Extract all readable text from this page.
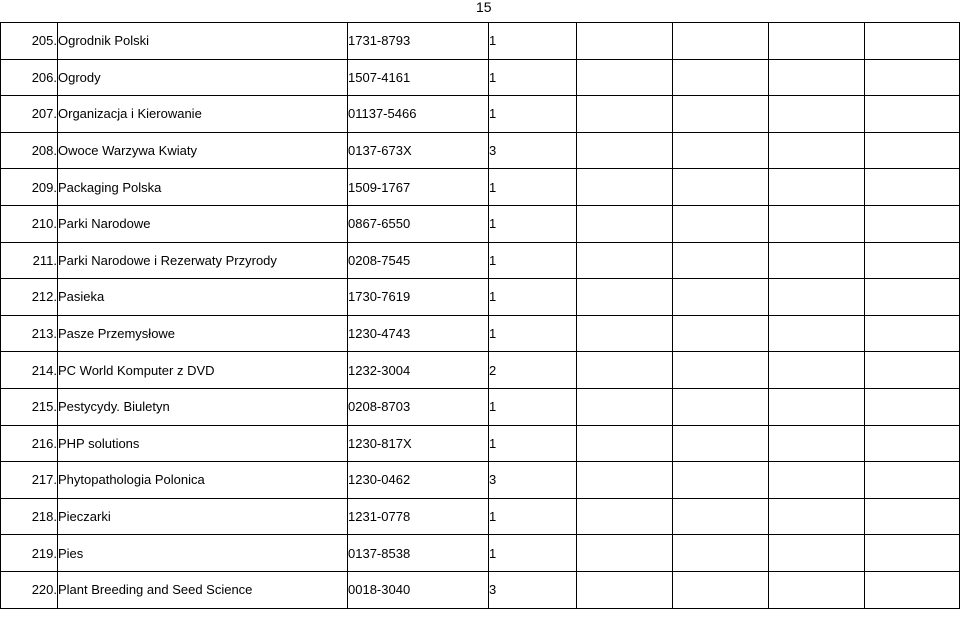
15
205.	Ogrodnik Polski	1731-8793	1				
206.	Ogrody	1507-4161	1				
207.	Organizacja i Kierowanie	01137-5466	1				
208.	Owoce Warzywa Kwiaty	0137-673X	3				
209.	Packaging Polska	1509-1767	1				
210.	Parki Narodowe	0867-6550	1				
211.	Parki Narodowe i Rezerwaty Przyrody	0208-7545	1				
212.	Pasieka	1730-7619	1				
213.	Pasze Przemysłowe	1230-4743	1				
214.	PC World Komputer z DVD	1232-3004	2				
215.	Pestycydy. Biuletyn	0208-8703	1				
216.	PHP solutions	1230-817X	1				
217.	Phytopathologia Polonica	1230-0462	3				
218.	Pieczarki	1231-0778	1				
219.	Pies	0137-8538	1				
220.	Plant Breeding and Seed Science	0018-3040	3				
